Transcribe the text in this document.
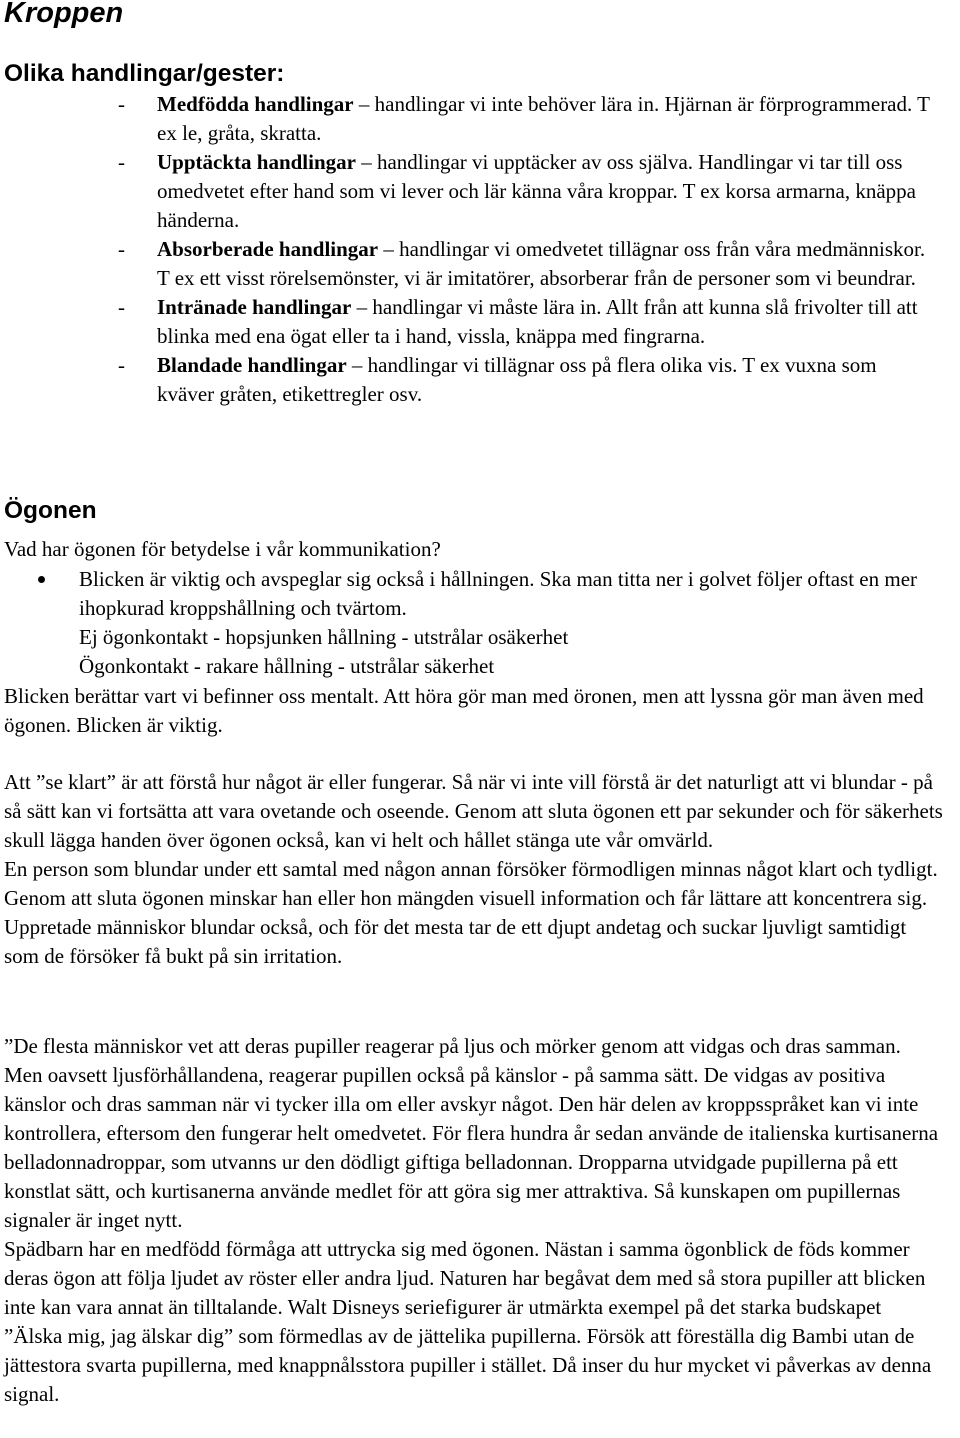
Kroppen
Olika handlingar/gester:
- Medfödda handlingar – handlingar vi inte behöver lära in. Hjärnan är förprogrammerad. T ex le, gråta, skratta.
- Upptäckta handlingar – handlingar vi upptäcker av oss själva. Handlingar vi tar till oss omedvetet efter hand som vi lever och lär känna våra kroppar. T ex korsa armarna, knäppa händerna.
- Absorberade handlingar – handlingar vi omedvetet tillägnar oss från våra medmänniskor. T ex ett visst rörelsemönster, vi är imitatörer, absorberar från de personer som vi beundrar.
- Intränade handlingar – handlingar vi måste lära in. Allt från att kunna slå frivolter till att blinka med ena ögat eller ta i hand, vissla, knäppa med fingrarna.
- Blandade handlingar – handlingar vi tillägnar oss på flera olika vis. T ex vuxna som kväver gråten, etikettregler osv.
Ögonen

Vad har ögonen för betydelse i vår kommunikation?

Blicken är viktig och avspeglar sig också i hållningen. Ska man titta ner i golvet följer oftast en mer ihopkurad kroppshållning och tvärtom.

Ej ögonkontakt - hopsjunken hållning - utstrålar osäkerhet

Ögonkontakt - rakare hållning - utstrålar säkerhet

Blicken berättar vart vi befinner oss mentalt. Att höra gör man med öronen, men att lyssna gör man även med ögonen. Blicken är viktig.

Att ”se klart” är att förstå hur något är eller fungerar. Så när vi inte vill förstå är det naturligt att vi blundar - på så sätt kan vi fortsätta att vara ovetande och oseende. Genom att sluta ögonen ett par sekunder och för säkerhets skull lägga handen över ögonen också, kan vi helt och hållet stänga ute vår omvärld.

En person som blundar under ett samtal med någon annan försöker förmodligen minnas något klart och tydligt. Genom att sluta ögonen minskar han eller hon mängden visuell information och får lättare att koncentrera sig. Uppretade människor blundar också, och för det mesta tar de ett djupt andetag och suckar ljuvligt samtidigt som de försöker få bukt på sin irritation.

”De flesta människor vet att deras pupiller reagerar på ljus och mörker genom att vidgas och dras samman. Men oavsett ljusförhållandena, reagerar pupillen också på känslor - på samma sätt. De vidgas av positiva känslor och dras samman när vi tycker illa om eller avskyr något. Den här delen av kroppsspråket kan vi inte kontrollera, eftersom den fungerar helt omedvetet. För flera hundra år sedan använde de italienska kurtisanerna belladonnadroppar, som utvanns ur den dödligt giftiga belladonnan. Dropparna utvidgade pupillerna på ett konstlat sätt, och kurtisanerna använde medlet för att göra sig mer attraktiva. Så kunskapen om pupillernas signaler är inget nytt.

Spädbarn har en medfödd förmåga att uttrycka sig med ögonen. Nästan i samma ögonblick de föds kommer deras ögon att följa ljudet av röster eller andra ljud. Naturen har begåvat dem med så stora pupiller att blicken inte kan vara annat än tilltalande. Walt Disneys seriefigurer är utmärkta exempel på det starka budskapet ”Älska mig, jag älskar dig” som förmedlas av de jättelika pupillerna. Försök att föreställa dig Bambi utan de jättestora svarta pupillerna, med knappnålsstora pupiller i stället. Då inser du hur mycket vi påverkas av denna signal.
